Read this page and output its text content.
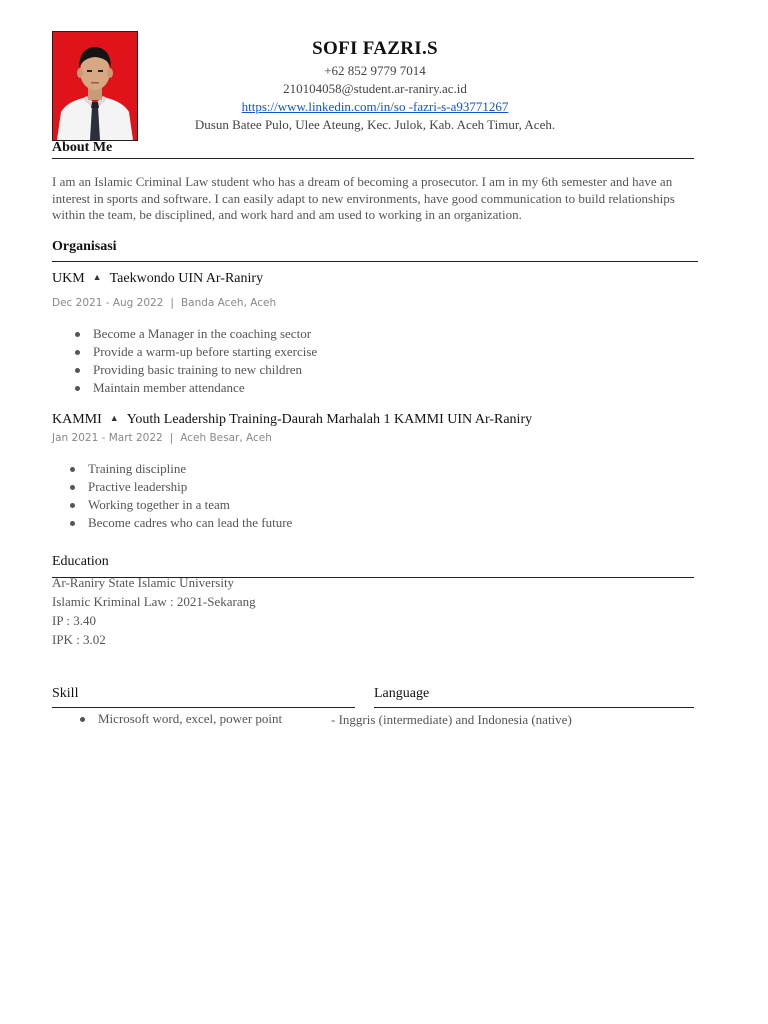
SOFI FAZRI.S
+62 852 9779 7014
210104058@student.ar-raniry.ac.id
https://www.linkedin.com/in/so -fazri-s-a93771267
Dusun Batee Pulo, Ulee Ateung, Kec. Julok, Kab. Aceh Timur, Aceh.
About Me
I am an Islamic Criminal Law student who has a dream of becoming a prosecutor. I am in my 6th semester and have an interest in sports and software. I can easily adapt to new environments, have good communication to build relationships within the team, be disciplined, and work hard and am used to working in an organization.
Organisasi
UKM ▲ Taekwondo UIN Ar-Raniry
Dec 2021 - Aug 2022 | Banda Aceh, Aceh
Become a Manager in the coaching sector
Provide a warm-up before starting exercise
Providing basic training to new children
Maintain member attendance
KAMMI ▲ Youth Leadership Training-Daurah Marhalah 1 KAMMI UIN Ar-Raniry
Jan 2021 - Mart 2022 | Aceh Besar, Aceh
Training discipline
Practive leadership
Working together in a team
Become cadres who can lead the future
Education
Ar-Raniry State Islamic University
Islamic Kriminal Law : 2021-Sekarang
IP : 3.40
IPK : 3.02
Skill
Microsoft word, excel, power point
Language
- Inggris (intermediate) and Indonesia (native)
